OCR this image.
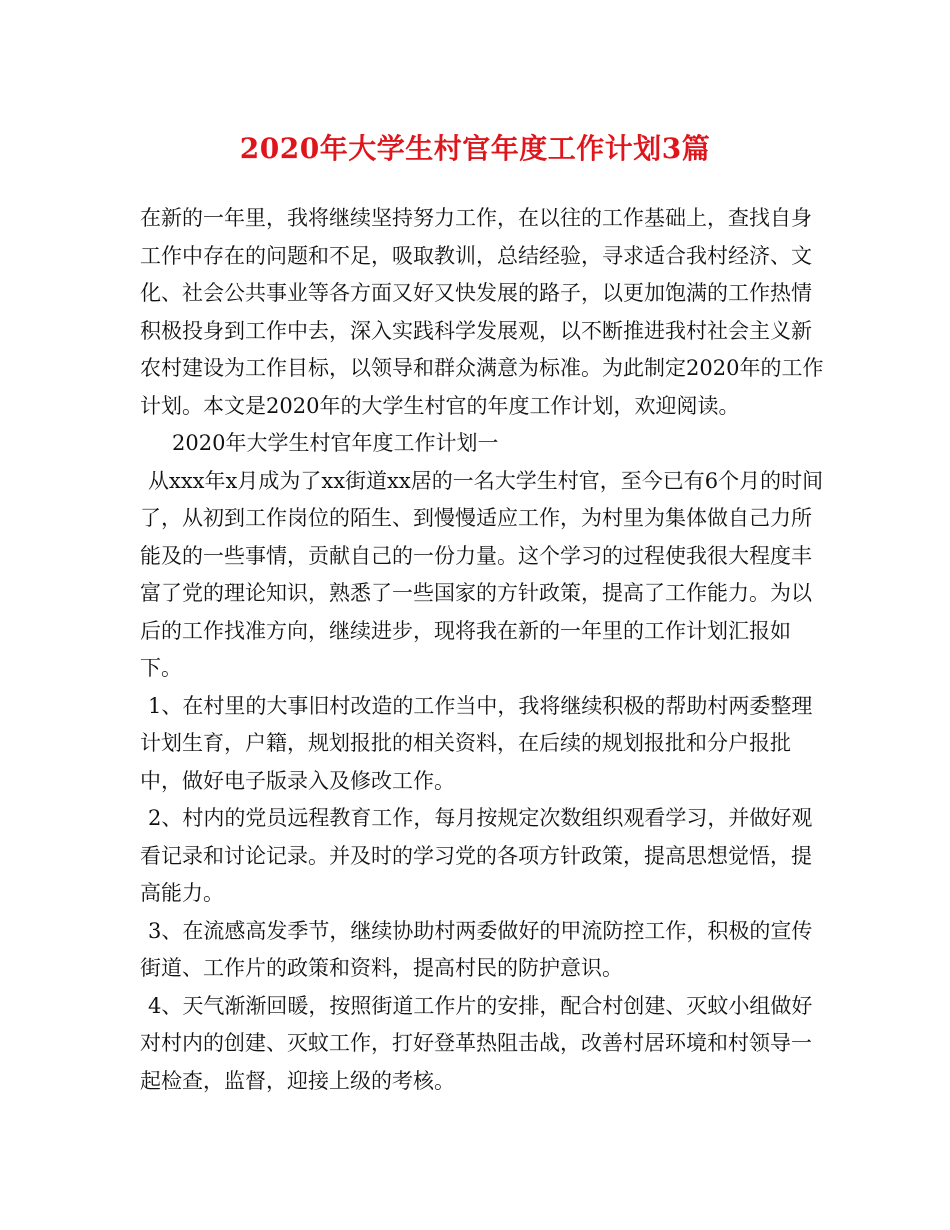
2020年大学生村官年度工作计划3篇

在新的一年里，我将继续坚持努力工作，在以往的工作基础上，查找自身工作中存在的问题和不足，吸取教训，总结经验，寻求适合我村经济、文化、社会公共事业等各方面又好又快发展的路子，以更加饱满的工作热情积极投身到工作中去，深入实践科学发展观，以不断推进我村社会主义新农村建设为工作目标，以领导和群众满意为标准。为此制定2020年的工作计划。本文是2020年的大学生村官的年度工作计划，欢迎阅读。

2020年大学生村官年度工作计划一

从xxx年x月成为了xx街道xx居的一名大学生村官，至今已有6个月的时间了，从初到工作岗位的陌生、到慢慢适应工作，为村里为集体做自己力所能及的一些事情，贡献自己的一份力量。这个学习的过程使我很大程度丰富了党的理论知识，熟悉了一些国家的方针政策，提高了工作能力。为以后的工作找准方向，继续进步，现将我在新的一年里的工作计划汇报如下。

1、在村里的大事旧村改造的工作当中，我将继续积极的帮助村两委整理计划生育，户籍，规划报批的相关资料，在后续的规划报批和分户报批中，做好电子版录入及修改工作。

2、村内的党员远程教育工作，每月按规定次数组织观看学习，并做好观看记录和讨论记录。并及时的学习党的各项方针政策，提高思想觉悟，提高能力。

3、在流感高发季节，继续协助村两委做好的甲流防控工作，积极的宣传街道、工作片的政策和资料，提高村民的防护意识。

4、天气渐渐回暖，按照街道工作片的安排，配合村创建、灭蚊小组做好对村内的创建、灭蚊工作，打好登革热阻击战，改善村居环境和村领导一起检查，监督，迎接上级的考核。
